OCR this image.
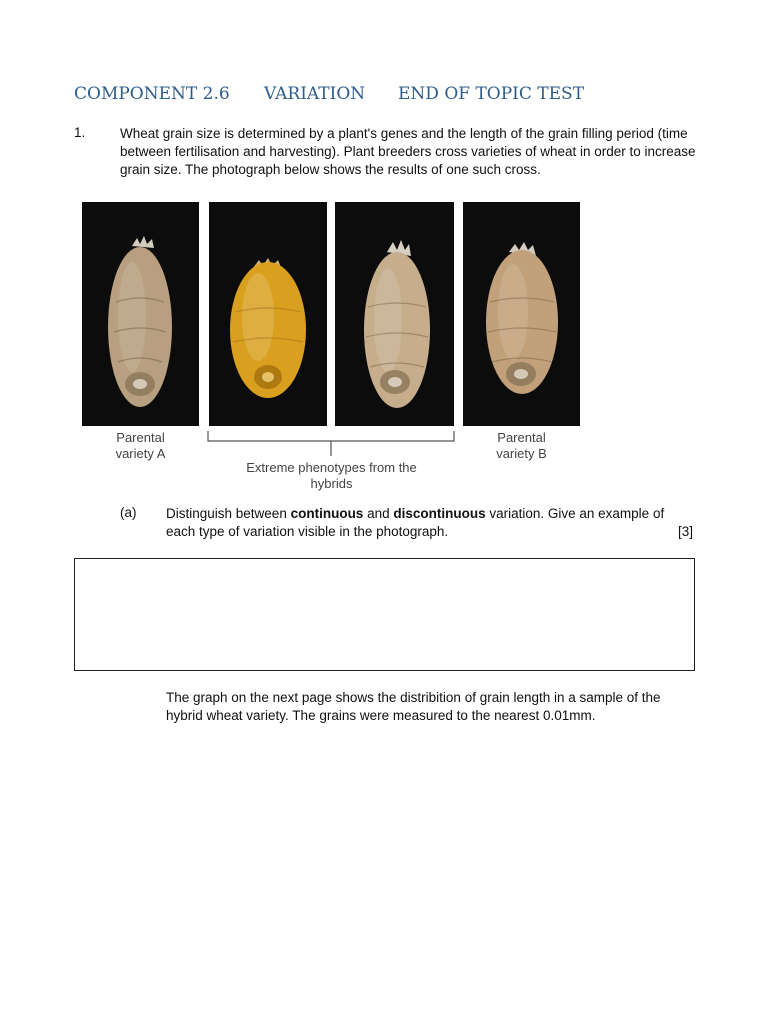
COMPONENT 2.6 VARIATION END OF TOPIC TEST
1.	Wheat grain size is determined by a plant's genes and the length of the grain filling period (time between fertilisation and harvesting). Plant breeders cross varieties of wheat in order to increase grain size. The photograph below shows the results of one such cross.
Parental
variety A
Extreme phenotypes from the
hybrids
Parental
variety B
(a) Distinguish between continuous and discontinuous variation. Give an example of each type of variation visible in the photograph.	[3]
The graph on the next page shows the distribition of grain length in a sample of the hybrid wheat variety. The grains were measured to the nearest 0.01mm.
